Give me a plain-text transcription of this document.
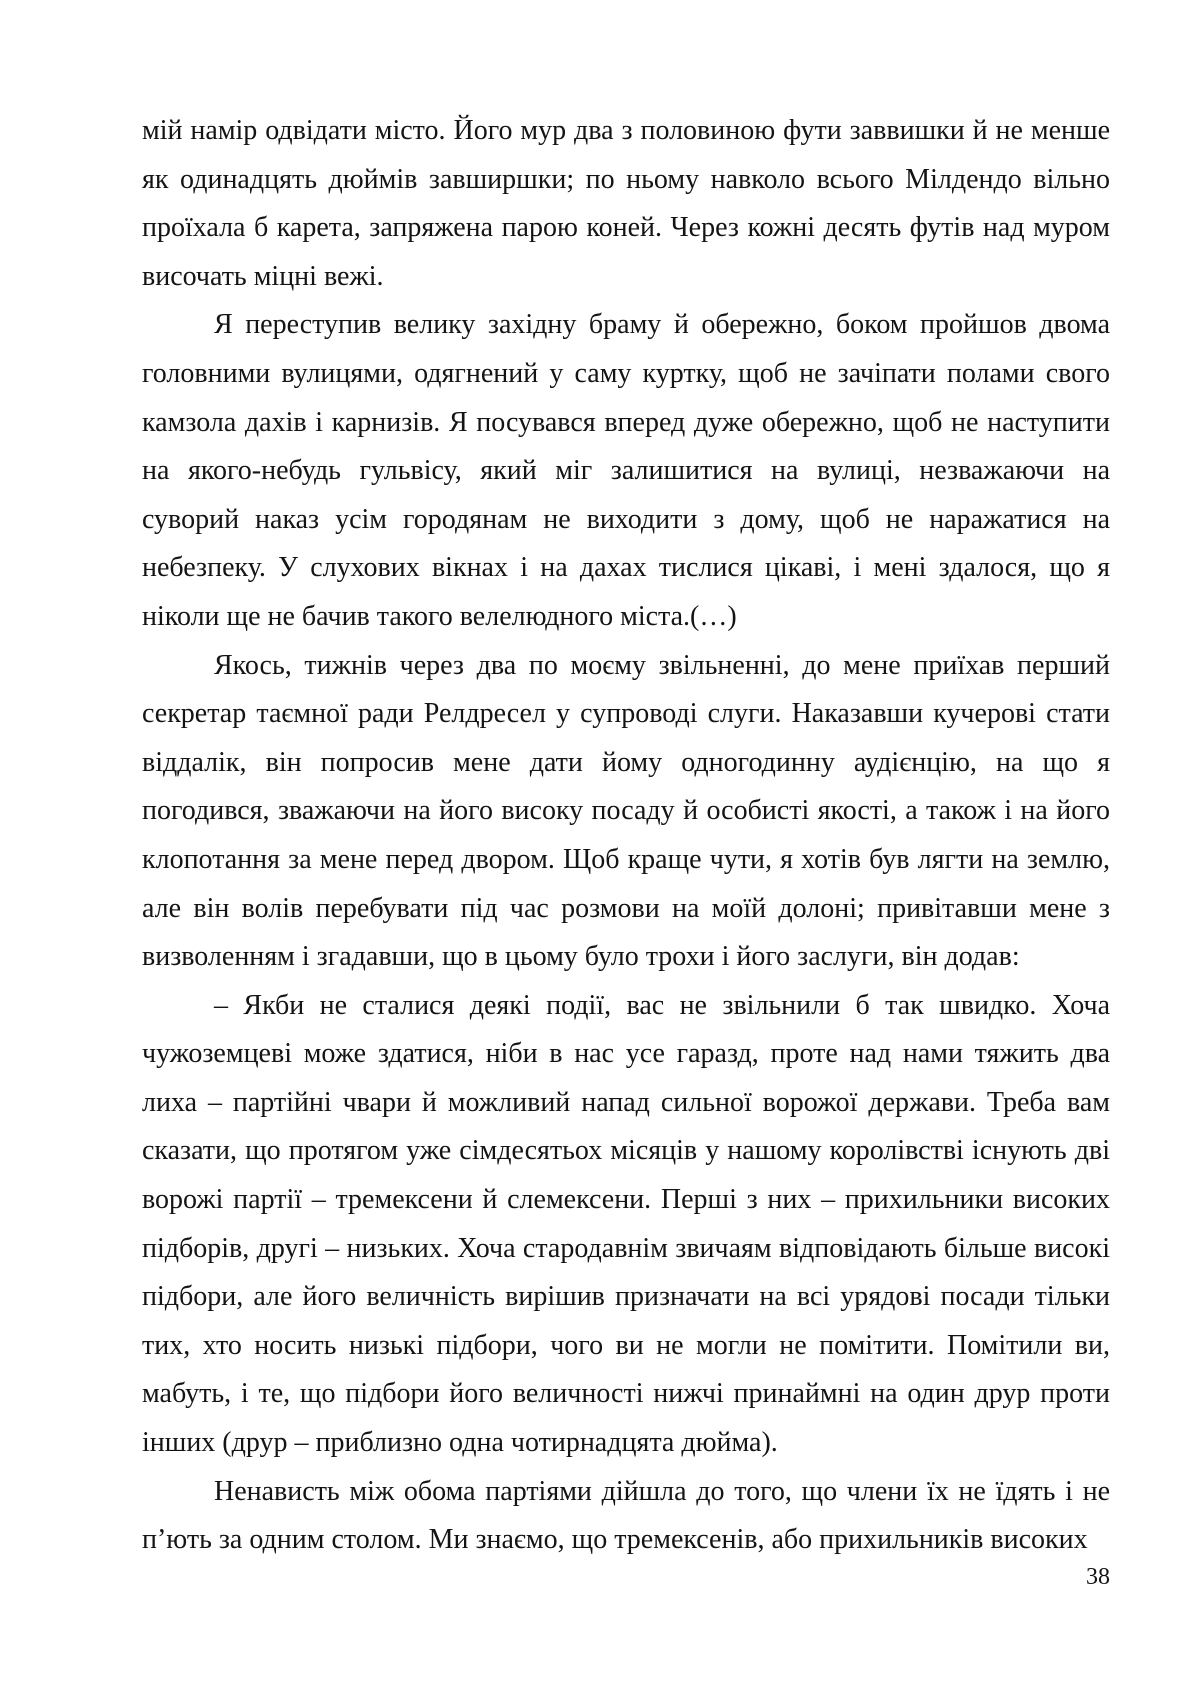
мій намір одвідати місто. Його мур два з половиною фути заввишки й не менше як одинадцять дюймів завширшки; по ньому навколо всього Мілдендо вільно проїхала б карета, запряжена парою коней. Через кожні десять футів над муром височать міцні вежі.

Я переступив велику західну браму й обережно, боком пройшов двома головними вулицями, одягнений у саму куртку, щоб не зачіпати полами свого камзола дахів і карнизів. Я посувався вперед дуже обережно, щоб не наступити на якого-небудь гульвісу, який міг залишитися на вулиці, незважаючи на суворий наказ усім городянам не виходити з дому, щоб не наражатися на небезпеку. У слухових вікнах і на дахах тислися цікаві, і мені здалося, що я ніколи ще не бачив такого велелюдного міста.(…)

Якось, тижнів через два по моєму звільненні, до мене приїхав перший секретар таємної ради Релдресел у супроводі слуги. Наказавши кучерові стати віддалік, він попросив мене дати йому одногодинну аудієнцію, на що я погодився, зважаючи на його високу посаду й особисті якості, а також і на його клопотання за мене перед двором. Щоб краще чути, я хотів був лягти на землю, але він волів перебувати під час розмови на моїй долоні; привітавши мене з визволенням і згадавши, що в цьому було трохи і його заслуги, він додав:

– Якби не сталися деякі події, вас не звільнили б так швидко. Хоча чужоземцеві може здатися, ніби в нас усе гаразд, проте над нами тяжить два лиха – партійні чвари й можливий напад сильної ворожої держави. Треба вам сказати, що протягом уже сімдесятьох місяців у нашому королівстві існують дві ворожі партії – тремексени й слемексени. Перші з них – прихильники високих підборів, другі – низьких. Хоча стародавнім звичаям відповідають більше високі підбори, але його величність вирішив призначати на всі урядові посади тільки тих, хто носить низькі підбори, чого ви не могли не помітити. Помітили ви, мабуть, і те, що підбори його величності нижчі принаймні на один друр проти інших (друр – приблизно одна чотирнадцята дюйма).

Ненависть між обома партіями дійшла до того, що члени їх не їдять і не п’ють за одним столом. Ми знаємо, що тремексенів, або прихильників високих

38
